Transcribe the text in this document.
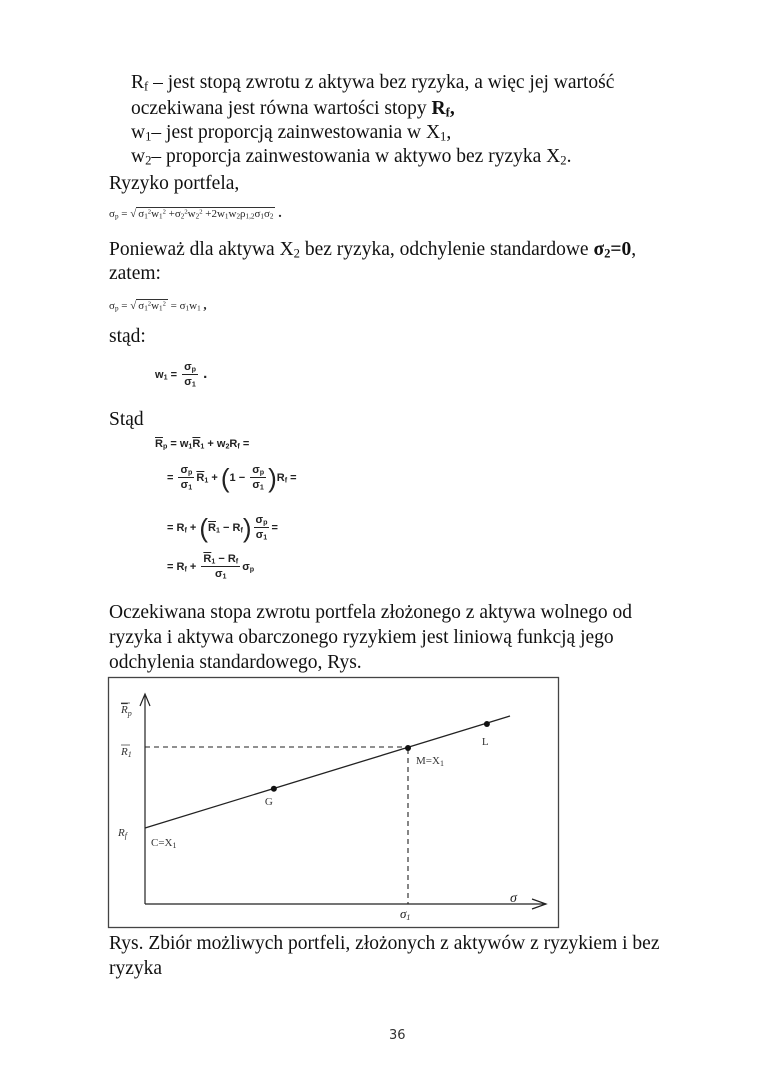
$R_f$ – jest stopą zwrotu z aktywa bez ryzyka, a więc jej wartość
oczekiwana jest równa wartości stopy $R_f$,
$w_1-$ jest proporcją zainwestowania w $X_1$,
$w_2-$ proporcja zainwestowania w aktywo bez ryzyka $X_2$.
Ryzyko portfela,
$\sigma_p$ = √ $\sigma_1^2w_1^2 +\sigma_2^2w_2^2 +2w_1w_2\rho_{1,2}\sigma_1\sigma_2$ .
Ponieważ dla aktywa $X_2$ bez ryzyka, odchylenie standardowe $\sigma_2=0$,
zatem:
$\sigma_p$ = √ $\sigma_1^2w_1^2 = \sigma_1w_1$ ,
stąd:
$w_1 = \frac{\sigma_p}{\sigma_1}$ .
Stąd
$\overline{R}_p = w_1\overline{R}_1 + w_2R_f$ =
= $\frac{\sigma_p}{\sigma_1} \overline{R}_1 + (1 - \frac{\sigma_p}{\sigma_1} )R_f$ =
= $R_f + (\overline{R}_1 - R_f) \frac{\sigma_p}{\sigma_1}$ =
= $R_f + \frac{\overline{R}_1 - R_f}{\sigma_1} \sigma_p$
Oczekiwana stopa zwrotu portfela złożonego z aktywa wolnego od
ryzyka i aktywa obarczonego ryzykiem jest liniową funkcją jego
odchylenia standardowego, Rys.
C=X1
G
M=X1
L
$R_p$
R1
Rf
σ
σ1
Rys. Zbiór możliwych portfeli, złożonych z aktywów z ryzykiem i bez
ryzyka
36
